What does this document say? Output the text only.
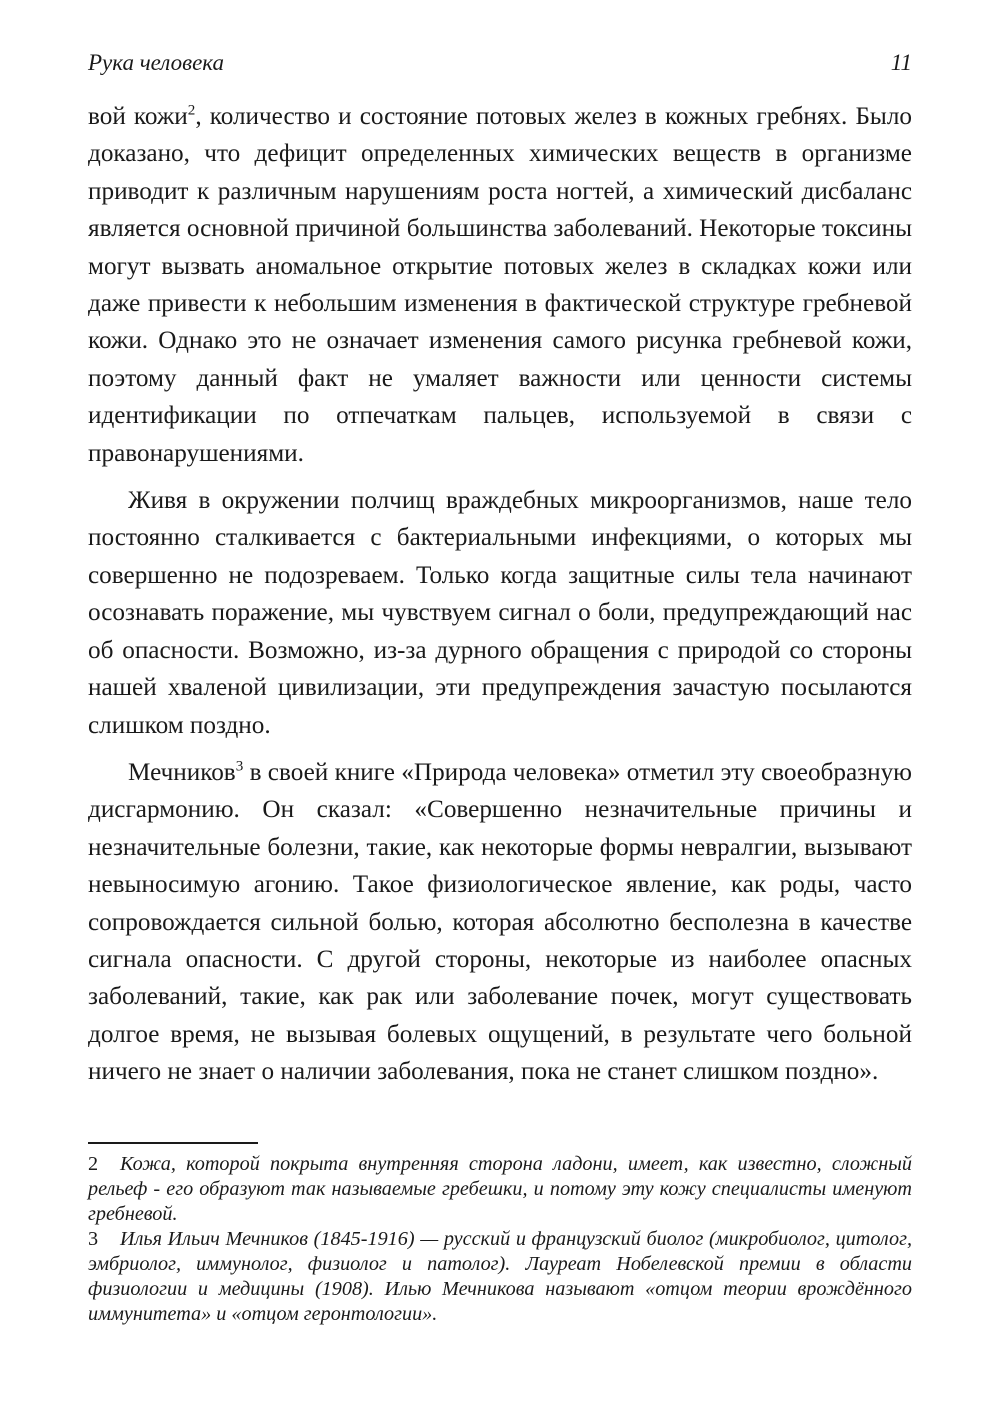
Рука человека	11

вой кожи$^2$, количество и состояние потовых желез в кожных гребнях. Было доказано, что дефицит определенных химических веществ в организме приводит к различным нарушениям роста ногтей, а химический дисбаланс является основной причиной большинства заболеваний. Некоторые токсины могут вызвать аномальное открытие потовых желез в складках кожи или даже привести к небольшим изменения в фактической структуре гребневой кожи. Однако это не означает изменения самого рисунка гребневой кожи, поэтому данный факт не умаляет важности или ценности системы идентификации по отпечаткам пальцев, используемой в связи с правонарушениями.

Живя в окружении полчищ враждебных микроорганизмов, наше тело постоянно сталкивается с бактериальными инфекциями, о которых мы совершенно не подозреваем. Только когда защитные силы тела начинают осознавать поражение, мы чувствуем сигнал о боли, предупреждающий нас об опасности. Возможно, из-за дурного обращения с природой со стороны нашей хваленой цивилизации, эти предупреждения зачастую посылаются слишком поздно.

Мечников$^3$ в своей книге «Природа человека» отметил эту своеобразную дисгармонию. Он сказал: «Совершенно незначительные причины и незначительные болезни, такие, как некоторые формы невралгии, вызывают невыносимую агонию. Такое физиологическое явление, как роды, часто сопровождается сильной болью, которая абсолютно бесполезна в качестве сигнала опасности. С другой стороны, некоторые из наиболее опасных заболеваний, такие, как рак или заболевание почек, могут существовать долгое время, не вызывая болевых ощущений, в результате чего больной ничего не знает о наличии заболевания, пока не станет слишком поздно».

2 Кожа, которой покрыта внутренняя сторона ладони, имеет, как известно, сложный рельеф - его образуют так называемые гребешки, и потому эту кожу специалисты именуют гребневой.

3 Илья Ильич Мечников (1845-1916) — русский и французский биолог (микробиолог, цитолог, эмбриолог, иммунолог, физиолог и патолог). Лауреат Нобелевской премии в области физиологии и медицины (1908). Илью Мечникова называют «отцом теории врождённого иммунитета» и «отцом геронтологии».
